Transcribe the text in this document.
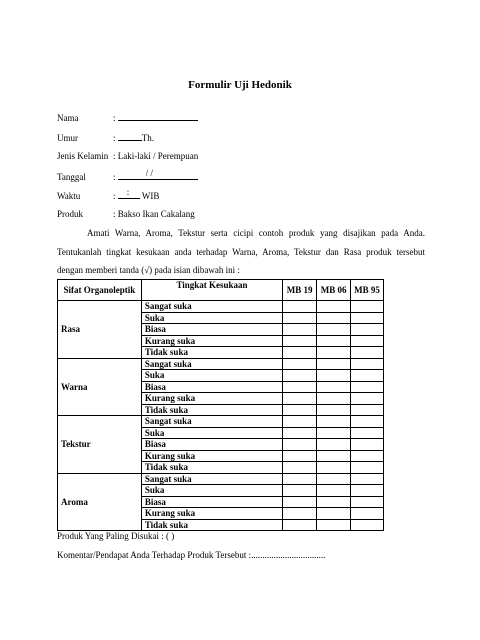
Formulir Uji Hedonik
Nama	:
Umur	:	Th.
Jenis Kelamin : Laki-laki / Perempuan
Tanggal	:	/ /
Waktu	: : WIB
Produk	: Bakso Ikan Cakalang
Amati Warna, Aroma, Tekstur serta cicipi contoh produk yang disajikan pada Anda.
Tentukanlah tingkat kesukaan anda terhadap Warna, Aroma, Tekstur dan Rasa produk tersebut
dengan memberi tanda (√) pada isian dibawah ini :
Sifat Organoleptik	Tingkat Kesukaan	MB 19	MB 06	MB 95
Rasa	Sangat suka			
	Suka			
	Biasa			
	Kurang suka			
	Tidak suka			
Warna	Sangat suka			
	Suka			
	Biasa			
	Kurang suka			
	Tidak suka			
Tekstur	Sangat suka			
	Suka			
	Biasa			
	Kurang suka			
	Tidak suka			
Aroma	Sangat suka			
	Suka			
	Biasa			
	Kurang suka			
	Tidak suka			
Produk Yang Paling Disukai : ( )
Komentar/Pendapat Anda Terhadap Produk Tersebut :.................................
